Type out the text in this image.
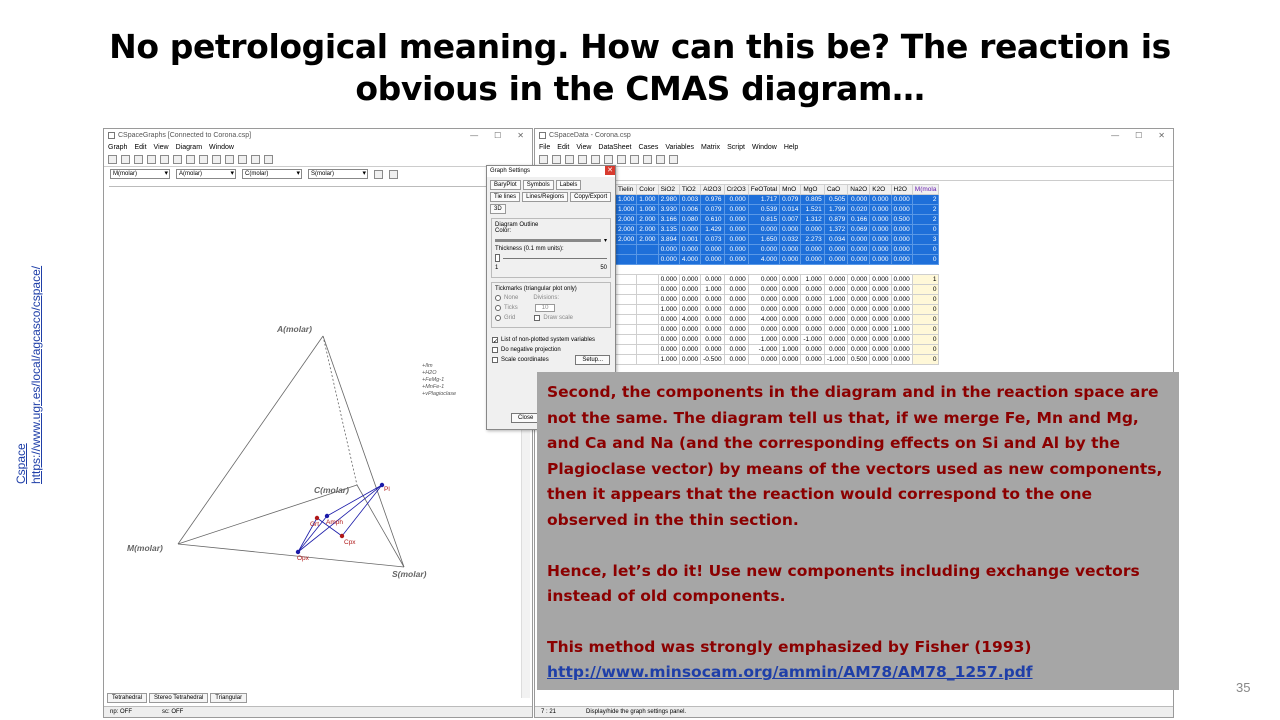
No petrological meaning. How can this be? The reaction is obvious in the CMAS diagram…
Cspace https://www.ugr.es/local/agcasco/cspace/
CSpaceGraphs [Connected to Corona.csp]	— ☐ ✕
Graph Edit View Diagram Window
M(molar) ▾	A(molar) ▾	C(molar) ▾	S(molar) ▾
Pl
Grt Amph
Cpx
Opx
A(molar)
C(molar)
M(molar)
S(molar)
+Ilm
+H2O
+FeMg-1
+MnFe-1
+vPlagioclase
Tetrahedral	Stereo Tetrahedral	Triangular
np: OFF	sc: OFF
CSpaceData - Corona.csp	— ☐ ✕
File Edit View DataSheet Cases Variables Matrix Script Window Help
Tielin	Color	SiO2	TiO2	Al2O3	Cr2O3	FeOTotal	MnO	MgO	CaO	Na2O	K2O	H2O	M(mola
1.000	1.000	2.980	0.003	0.976	0.000	1.717	0.079	0.805	0.505	0.000	0.000	0.000	2
1.000	1.000	3.930	0.006	0.079	0.000	0.539	0.014	1.521	1.799	0.020	0.000	0.000	2
2.000	2.000	3.166	0.080	0.610	0.000	0.815	0.007	1.312	0.879	0.166	0.000	0.500	2
2.000	2.000	3.135	0.000	1.429	0.000	0.000	0.000	0.000	1.372	0.069	0.000	0.000	0
2.000	2.000	3.894	0.001	0.073	0.000	1.650	0.032	2.273	0.034	0.000	0.000	0.000	3
		0.000	0.000	0.000	0.000	0.000	0.000	0.000	0.000	0.000	0.000	0.000	0
		0.000	4.000	0.000	0.000	4.000	0.000	0.000	0.000	0.000	0.000	0.000	0

		0.000	0.000	0.000	0.000	0.000	0.000	1.000	0.000	0.000	0.000	0.000	1
		0.000	0.000	1.000	0.000	0.000	0.000	0.000	0.000	0.000	0.000	0.000	0
		0.000	0.000	0.000	0.000	0.000	0.000	0.000	1.000	0.000	0.000	0.000	0
		1.000	0.000	0.000	0.000	0.000	0.000	0.000	0.000	0.000	0.000	0.000	0
		0.000	4.000	0.000	0.000	4.000	0.000	0.000	0.000	0.000	0.000	0.000	0
		0.000	0.000	0.000	0.000	0.000	0.000	0.000	0.000	0.000	0.000	1.000	0
		0.000	0.000	0.000	0.000	1.000	0.000	-1.000	0.000	0.000	0.000	0.000	0
		0.000	0.000	0.000	0.000	-1.000	1.000	0.000	0.000	0.000	0.000	0.000	0
		1.000	0.000	-0.500	0.000	0.000	0.000	0.000	-1.000	0.500	0.000	0.000	0
7 : 21	Display/hide the graph settings panel.
Graph Settings	✕
BaryPlot	Symbols	Labels
Tie lines	Lines/Regions	Copy/Export
3D
Diagram Outline
Color:
▾
Thickness (0.1 mm units):
1	50
Tickmarks (triangular plot only)
None	Divisions:
Ticks	10
Grid	Draw scale
✓ List of non-plotted system variables
Do negative projection
Scale coordinates	Setup...
Close

Second, the components in the diagram and in the reaction space are not the same. The diagram tell us that, if we merge Fe, Mn and Mg, and Ca and Na (and the corresponding effects on Si and Al by the Plagioclase vector) by means of the vectors used as new components, then it appears that the reaction would correspond to the one observed in the thin section.

Hence, let’s do it! Use new components including exchange vectors instead of old components.

This method was strongly emphasized by Fisher (1993)

http://www.minsocam.org/ammin/AM78/AM78_1257.pdf

35
